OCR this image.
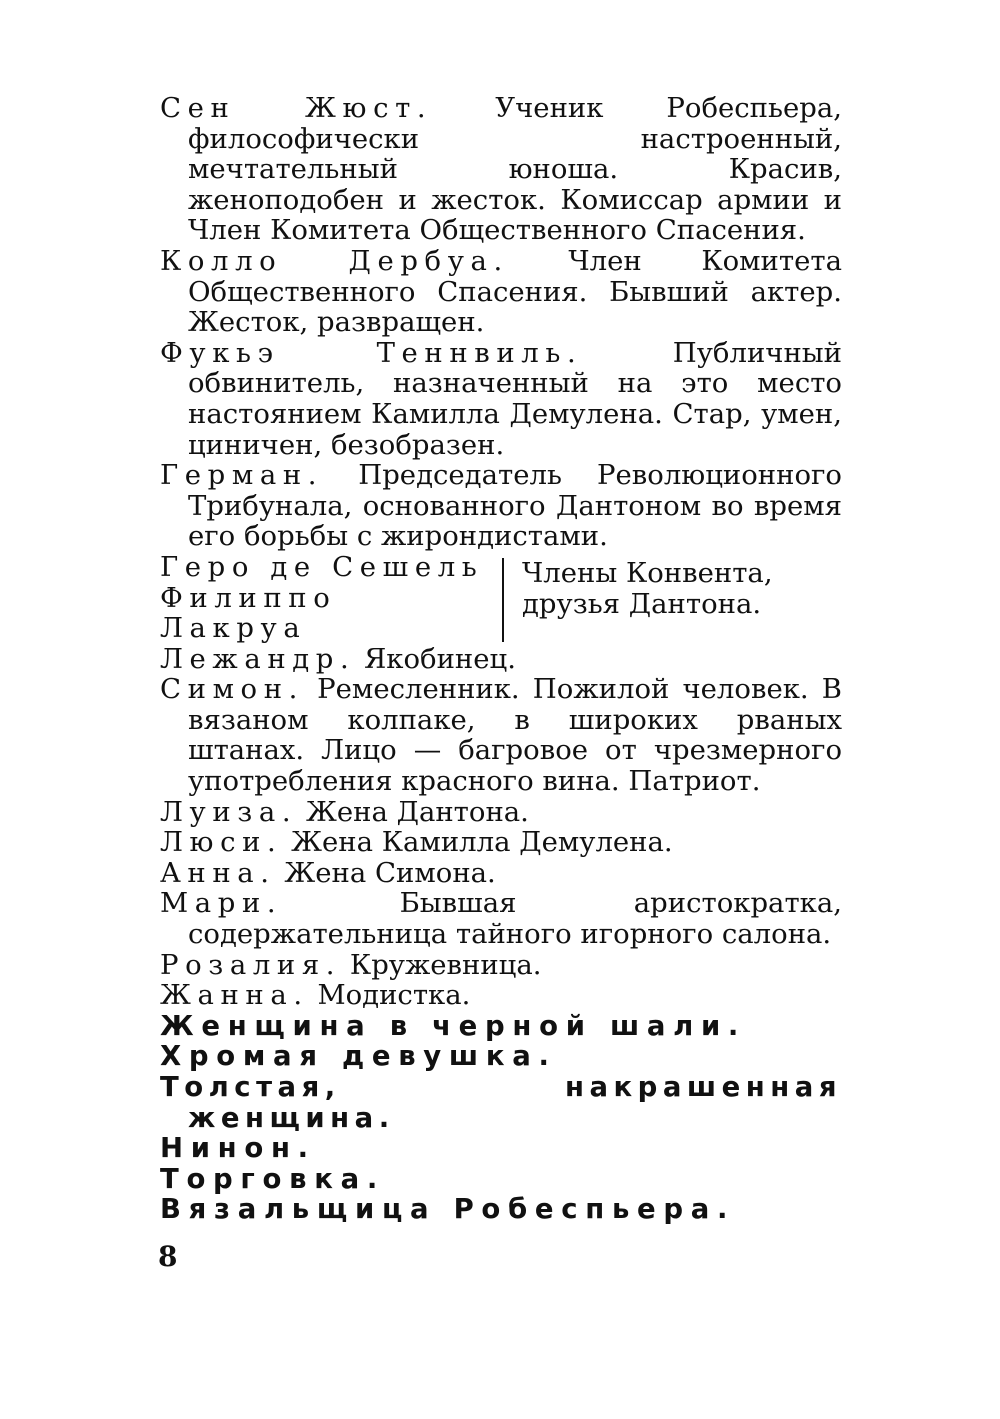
Сен Жюст. Ученик Робеспьера, философически настроенный, мечтательный юноша. Красив, женоподобен и жесток. Комиссар армии и Член Комитета Общественного Спасения.

Колло Дербуа. Член Комитета Общественного Спасения. Бывший актер. Жесток, развращен.

Фукьэ Теннвиль.	Публичный обвинитель, назначенный на это место настоянием Камилла Демулена. Стар, умен, циничен, безобразен.

Герман. Председатель Революционного Трибунала, основанного Дантоном во время его борьбы с жирондистами.

Геро де Сешель
Филиппо
Лакруа
Члены Конвента,
друзья Дантона.

Лежандр. Якобинец.

Симон. Ремесленник. Пожилой человек. В вязаном колпаке, в широких рваных штанах. Лицо — багровое от чрезмерного употребления красного вина. Патриот.

Луиза. Жена Дантона.

Люси. Жена Камилла Демулена.

Анна. Жена Симона.

Мари.	Бывшая аристократка, содержательница тайного игорного салона.

Розалия. Кружевница.

Жанна. Модистка.

Женщина в черной шали.

Хромая девушка.

Толстая, накрашенная женщина.

Нинон.

Торговка.

Вязальщица Робеспьера.

8
